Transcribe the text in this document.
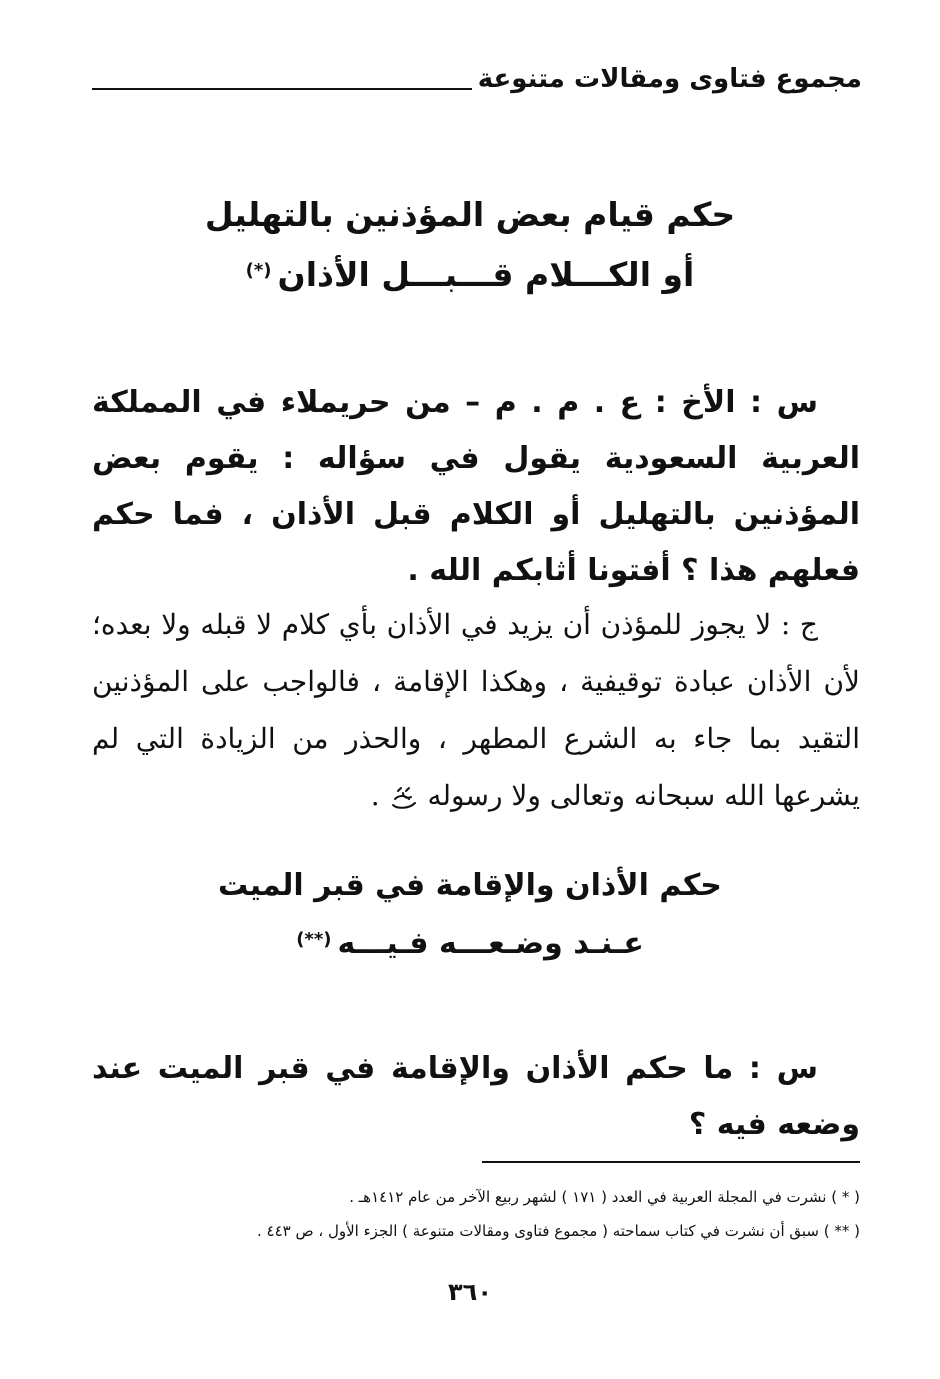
مجموع فتاوى ومقالات متنوعة
حكم قيام بعض المؤذنين بالتهليل
أو الكـــلام قـــبـــل الأذان(*)

س : الأخ : ع . م . م – من حريملاء في المملكة العربية السعودية يقول في سؤاله : يقوم بعض المؤذنين بالتهليل أو الكلام قبل الأذان ، فما حكم فعلهم هذا ؟ أفتونا أثابكم الله .

ج : لا يجوز للمؤذن أن يزيد في الأذان بأي كلام لا قبله ولا بعده؛ لأن الأذان عبادة توقيفية ، وهكذا الإقامة ، فالواجب على المؤذنين التقيد بما جاء به الشرع المطهر ، والحذر من الزيادة التي لم يشرعها الله سبحانه وتعالى ولا رسوله  .

حكم الأذان والإقامة في قبر الميت
عـنـد وضـعـــه فـيـــه(**)

س : ما حكم الأذان والإقامة في قبر الميت عند وضعه فيه ؟

( * ) نشرت في المجلة العربية في العدد ( ١٧١ ) لشهر ربيع الآخر من عام ١٤١٢هـ .
( ** ) سبق أن نشرت في كتاب سماحته ( مجموع فتاوى ومقالات متنوعة ) الجزء الأول ، ص ٤٤٣ .
٣٦٠
